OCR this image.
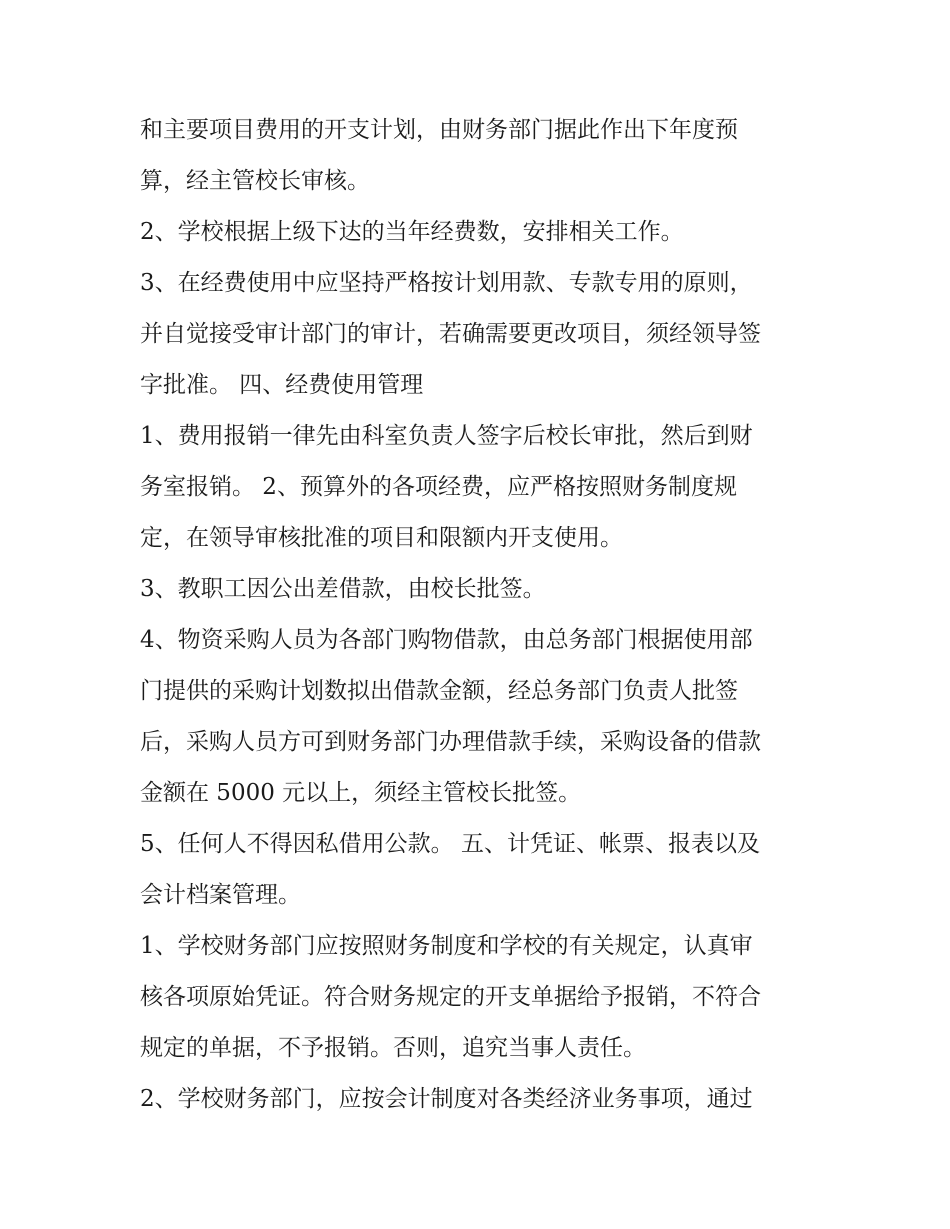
和主要项目费用的开支计划，由财务部门据此作出下年度预
算，经主管校长审核。
2、学校根据上级下达的当年经费数，安排相关工作。
3、在经费使用中应坚持严格按计划用款、专款专用的原则，
并自觉接受审计部门的审计，若确需要更改项目，须经领导签
字批准。 四、经费使用管理
1、费用报销一律先由科室负责人签字后校长审批，然后到财
务室报销。 2、预算外的各项经费，应严格按照财务制度规
定，在领导审核批准的项目和限额内开支使用。
3、教职工因公出差借款，由校长批签。
4、物资采购人员为各部门购物借款，由总务部门根据使用部
门提供的采购计划数拟出借款金额，经总务部门负责人批签
后，采购人员方可到财务部门办理借款手续，采购设备的借款
金额在 5000 元以上，须经主管校长批签。
5、任何人不得因私借用公款。 五、计凭证、帐票、报表以及
会计档案管理。
1、学校财务部门应按照财务制度和学校的有关规定，认真审
核各项原始凭证。符合财务规定的开支单据给予报销，不符合
规定的单据，不予报销。否则，追究当事人责任。
2、学校财务部门，应按会计制度对各类经济业务事项，通过
